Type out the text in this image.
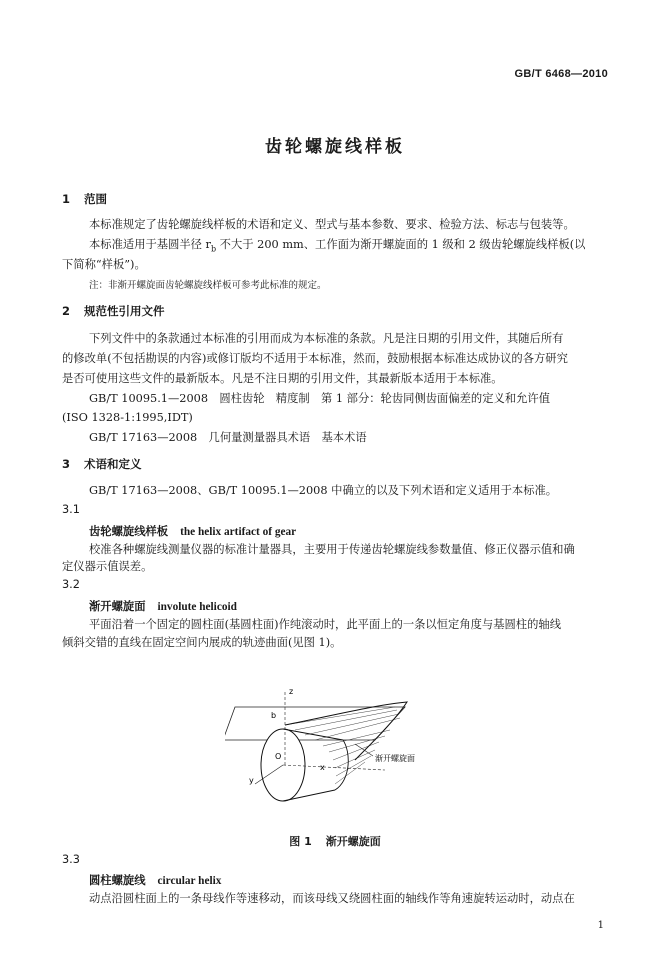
GB/T 6468—2010
齿轮螺旋线样板
1 范围
本标准规定了齿轮螺旋线样板的术语和定义、型式与基本参数、要求、检验方法、标志与包装等。
本标准适用于基圆半径 $r_b$ 不大于 200 mm、工作面为渐开螺旋面的 1 级和 2 级齿轮螺旋线样板(以
下简称“样板”)。
注：非渐开螺旋面齿轮螺旋线样板可参考此标准的规定。
2 规范性引用文件
下列文件中的条款通过本标准的引用而成为本标准的条款。凡是注日期的引用文件，其随后所有
的修改单(不包括勘误的内容)或修订版均不适用于本标准，然而，鼓励根据本标准达成协议的各方研究
是否可使用这些文件的最新版本。凡是不注日期的引用文件，其最新版本适用于本标准。
GB/T 10095.1—2008　圆柱齿轮　精度制　第 1 部分：轮齿同侧齿面偏差的定义和允许值
(ISO 1328-1:1995,IDT)
GB/T 17163—2008　几何量测量器具术语　基本术语
3 术语和定义
GB/T 17163—2008、GB/T 10095.1—2008 中确立的以及下列术语和定义适用于本标准。
3.1
齿轮螺旋线样板 the helix artifact of gear
校准各种螺旋线测量仪器的标准计量器具，主要用于传递齿轮螺旋线参数量值、修正仪器示值和确
定仪器示值误差。
3.2
渐开螺旋面 involute helicoid
平面沿着一个固定的圆柱面(基圆柱面)作纯滚动时，此平面上的一条以恒定角度与基圆柱的轴线
倾斜交错的直线在固定空间内展成的轨迹曲面(见图 1)。
z
b
O
x
y
渐开螺旋面
图 1 渐开螺旋面
3.3
圆柱螺旋线 circular helix
动点沿圆柱面上的一条母线作等速移动，而该母线又绕圆柱面的轴线作等角速旋转运动时，动点在
1
